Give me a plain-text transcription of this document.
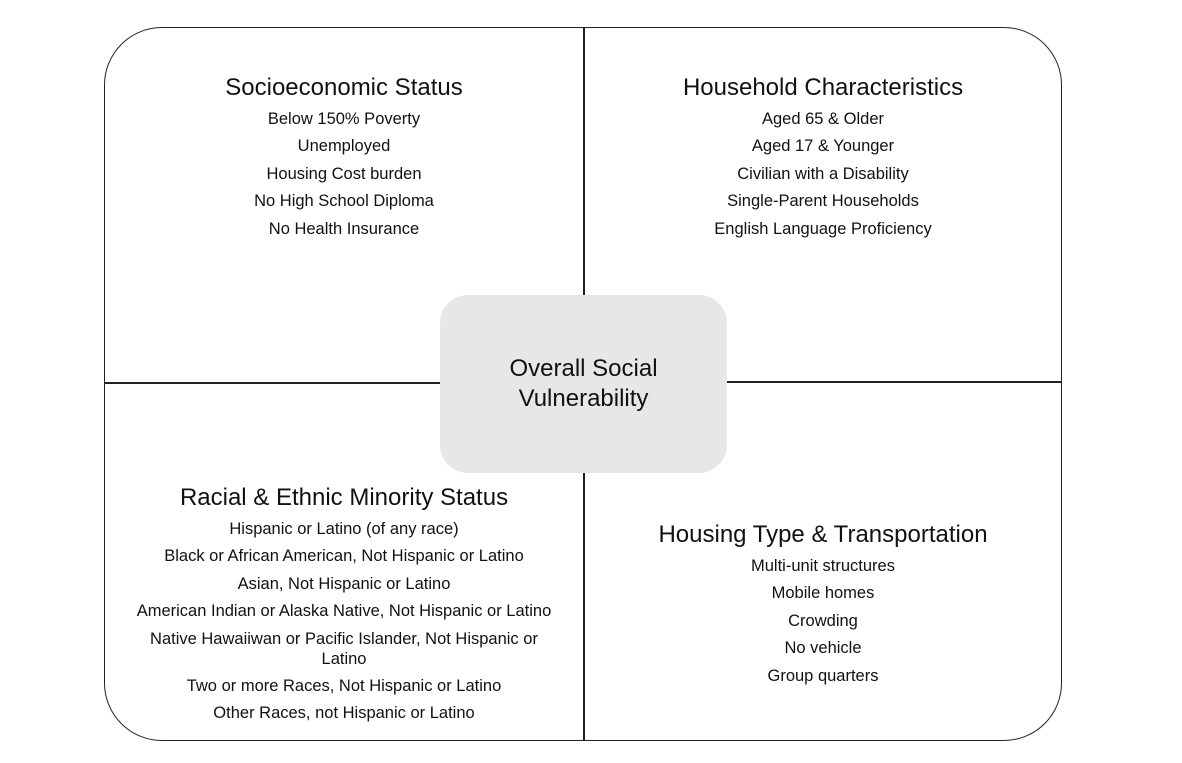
Socioeconomic Status
Below 150% Poverty
Unemployed
Housing Cost burden
No High School Diploma
No Health Insurance
Household Characteristics
Aged 65 & Older
Aged 17 & Younger
Civilian with a Disability
Single-Parent Households
English Language Proficiency
Overall Social
Vulnerability
Racial & Ethnic Minority Status
Hispanic or Latino (of any race)
Black or African American, Not Hispanic or Latino
Asian, Not Hispanic or Latino
American Indian or Alaska Native, Not Hispanic or Latino
Native Hawaiiwan or Pacific Islander, Not Hispanic or Latino
Two or more Races, Not Hispanic or Latino
Other Races, not Hispanic or Latino
Housing Type & Transportation
Multi-unit structures
Mobile homes
Crowding
No vehicle
Group quarters
